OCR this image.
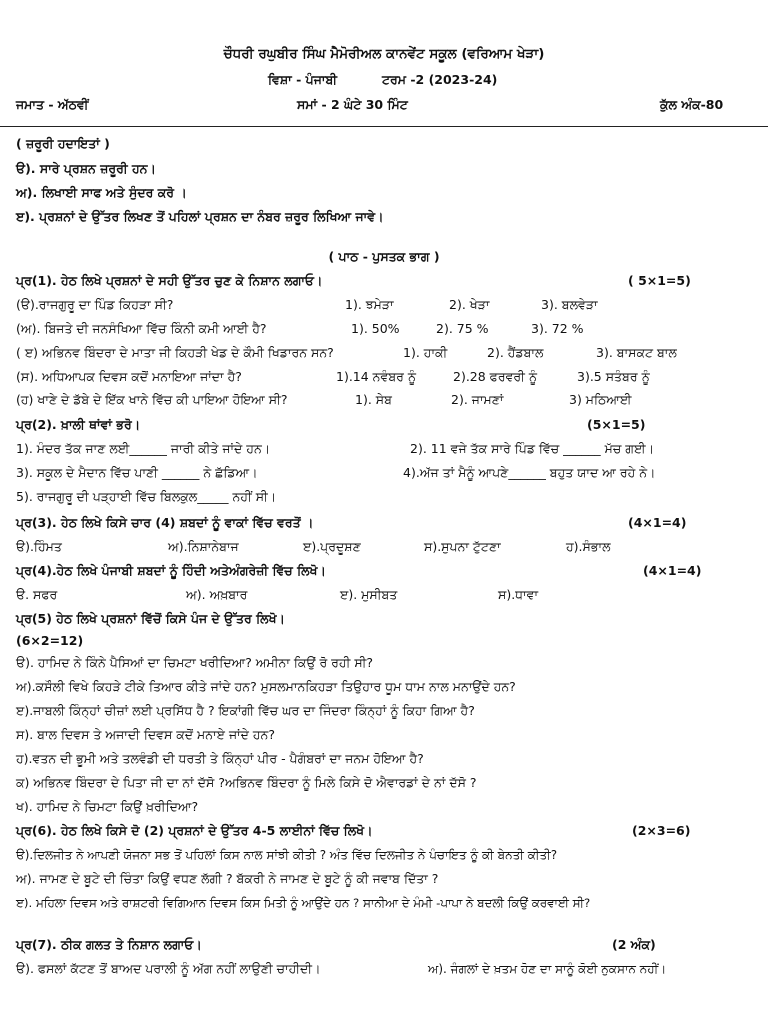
ਚੌਧਰੀ ਰਘੁਬੀਰ ਸਿੰਘ ਮੈਮੋਰੀਅਲ ਕਾਨਵੇਂਟ ਸਕੂਲ (ਵਰਿਆਮ ਖੇੜਾ)
ਵਿਸ਼ਾ - ਪੰਜਾਬੀ	ਟਰਮ -2 (2023-24)
ਜਮਾਤ - ਅੱਠਵੀਂ	ਸਮਾਂ - 2 ਘੰਟੇ 30 ਮਿੰਟ	ਕੁੱਲ ਅੰਕ-80
( ਜ਼ਰੂਰੀ ਹਦਾਇਤਾਂ )
ੳ). ਸਾਰੇ ਪ੍ਰਸ਼ਨ ਜ਼ਰੂਰੀ ਹਨ।
ਅ). ਲਿਖਾਈ ਸਾਫ ਅਤੇ ਸੁੰਦਰ ਕਰੋ ।
ੲ). ਪ੍ਰਸ਼ਨਾਂ ਦੇ ਉੱਤਰ ਲਿਖਣ ਤੋਂ ਪਹਿਲਾਂ ਪ੍ਰਸ਼ਨ ਦਾ ਨੰਬਰ ਜ਼ਰੂਰ ਲਿਖਿਆ ਜਾਵੇ।
( ਪਾਠ - ਪੁਸਤਕ ਭਾਗ )
ਪ੍ਰ(1). ਹੇਠ ਲਿਖੇ ਪ੍ਰਸ਼ਨਾਂ ਦੇ ਸਹੀ ਉੱਤਰ ਚੁਣ ਕੇ ਨਿਸ਼ਾਨ ਲਗਾਓ।	( 5×1=5)
(ੳ).ਰਾਜਗੁਰੂ ਦਾ ਪਿੰਡ ਕਿਹੜਾ ਸੀ?	1). ਝਮੇੜਾ	2). ਖੇੜਾ	3). ਬਲਵੇੜਾ
(ਅ). ਬਿਜਤੇ ਦੀ ਜਨਸੰਖਿਆ ਵਿੱਚ ਕਿੰਨੀ ਕਮੀ ਆਈ ਹੈ?	1). 50%	2). 75 %	3). 72 %
( ੲ) ਅਭਿਨਵ ਬਿੰਦਰਾ ਦੇ ਮਾਤਾ ਜੀ ਕਿਹੜੀ ਖੇਡ ਦੇ ਕੌਮੀ ਖਿਡਾਰਨ ਸਨ?	1). ਹਾਕੀ	2). ਹੈਂਡਬਾਲ	3). ਬਾਸਕਟ ਬਾਲ
(ਸ). ਅਧਿਆਪਕ ਦਿਵਸ ਕਦੋਂ ਮਨਾਇਆ ਜਾਂਦਾ ਹੈ?	1).14 ਨਵੰਬਰ ਨੂੰ	2).28 ਫਰਵਰੀ ਨੂੰ	3).5 ਸਤੰਬਰ ਨੂੰ
(ਹ) ਖਾਣੇ ਦੇ ਡੱਬੇ ਦੇ ਇੱਕ ਖਾਨੇ ਵਿੱਚ ਕੀ ਪਾਇਆ ਹੋਇਆ ਸੀ?	1). ਸੇਬ	2). ਜਾਮਣਾਂ	3) ਮਠਿਆਈ
ਪ੍ਰ(2). ਖ਼ਾਲੀ ਥਾਂਵਾਂ ਭਰੋ।	(5×1=5)
1). ਮੰਦਰ ਤੱਕ ਜਾਣ ਲਈ______ ਜਾਰੀ ਕੀਤੇ ਜਾਂਦੇ ਹਨ।	2). 11 ਵਜੇ ਤੱਕ ਸਾਰੇ ਪਿੰਡ ਵਿੱਚ ______ ਮੱਚ ਗਈ।
3). ਸਕੂਲ ਦੇ ਮੈਦਾਨ ਵਿੱਚ ਪਾਣੀ ______ ਨੇ ਛੱਡਿਆ।	4).ਅੱਜ ਤਾਂ ਮੈਨੂੰ ਆਪਣੇ______ ਬਹੁਤ ਯਾਦ ਆ ਰਹੇ ਨੇ।
5). ਰਾਜਗੁਰੂ ਦੀ ਪੜ੍ਹਾਈ ਵਿੱਚ ਬਿਲਕੁਲ_____ ਨਹੀਂ ਸੀ।
ਪ੍ਰ(3). ਹੇਠ ਲਿਖੇ ਕਿਸੇ ਚਾਰ (4) ਸ਼ਬਦਾਂ ਨੂੰ ਵਾਕਾਂ ਵਿੱਚ ਵਰਤੋਂ ।	(4×1=4)
ੳ).ਹਿੰਮਤ	ਅ).ਨਿਸ਼ਾਨੇਬਾਜ	ੲ).ਪ੍ਰਦੂਸ਼ਣ	ਸ).ਸੁਪਨਾ ਟੁੱਟਣਾ	ਹ).ਸੰਭਾਲ
ਪ੍ਰ(4).ਹੇਠ ਲਿਖੇ ਪੰਜਾਬੀ ਸ਼ਬਦਾਂ ਨੂੰ ਹਿੰਦੀ ਅਤੇਅੰਗਰੇਜ਼ੀ ਵਿੱਚ ਲਿਖੋ।	(4×1=4)
ੳ. ਸਫਰ	ਅ). ਅਖ਼ਬਾਰ	ੲ). ਮੁਸੀਬਤ	ਸ).ਧਾਵਾ
ਪ੍ਰ(5) ਹੇਠ ਲਿਖੇ ਪ੍ਰਸ਼ਨਾਂ ਵਿੱਚੋਂ ਕਿਸੇ ਪੰਜ ਦੇ ਉੱਤਰ ਲਿਖੋ।
(6×2=12)
ੳ). ਹਾਮਿਦ ਨੇ ਕਿੰਨੇ ਪੈਸਿਆਂ ਦਾ ਚਿਮਟਾ ਖਰੀਦਿਆ? ਅਮੀਨਾ ਕਿਉਂ ਰੋ ਰਹੀ ਸੀ?
ਅ).ਕਸੌਲੀ ਵਿਖੇ ਕਿਹੜੇ ਟੀਕੇ ਤਿਆਰ ਕੀਤੇ ਜਾਂਦੇ ਹਨ? ਮੁਸਲਮਾਨਕਿਹੜਾ ਤਿਉਹਾਰ ਧੂਮ ਧਾਮ ਨਾਲ ਮਨਾਉਂਦੇ ਹਨ?
ੲ).ਜਾਬਲੀ ਕਿੰਨ੍ਹਾਂ ਚੀਜ਼ਾਂ ਲਈ ਪ੍ਰਸਿੱਧ ਹੈ ? ਇਕਾਂਗੀ ਵਿੱਚ ਘਰ ਦਾ ਜਿੰਦਰਾ ਕਿੰਨ੍ਹਾਂ ਨੂੰ ਕਿਹਾ ਗਿਆ ਹੈ?
ਸ). ਬਾਲ ਦਿਵਸ ਤੇ ਅਜਾਦੀ ਦਿਵਸ ਕਦੋਂ ਮਨਾਏ ਜਾਂਦੇ ਹਨ?
ਹ).ਵਤਨ ਦੀ ਭੂਮੀ ਅਤੇ ਤਲਵੰਡੀ ਦੀ ਧਰਤੀ ਤੇ ਕਿੰਨ੍ਹਾਂ ਪੀਰ - ਪੈਗੰਬਰਾਂ ਦਾ ਜਨਮ ਹੋਇਆ ਹੈ?
ਕ) ਅਭਿਨਵ ਬਿੰਦਰਾ ਦੇ ਪਿਤਾ ਜੀ ਦਾ ਨਾਂ ਦੱਸੋ ?ਅਭਿਨਵ ਬਿੰਦਰਾ ਨੂੰ ਮਿਲੇ ਕਿਸੇ ਦੋ ਐਵਾਰਡਾਂ ਦੇ ਨਾਂ ਦੱਸੋ ?
ਖ). ਹਾਮਿਦ ਨੇ ਚਿਮਟਾ ਕਿਉਂ ਖ਼ਰੀਦਿਆ?
ਪ੍ਰ(6). ਹੇਠ ਲਿਖੇ ਕਿਸੇ ਦੋ (2) ਪ੍ਰਸ਼ਨਾਂ ਦੇ ਉੱਤਰ 4-5 ਲਾਈਨਾਂ ਵਿੱਚ ਲਿਖੋ।	(2×3=6)
ੳ).ਦਿਲਜੀਤ ਨੇ ਆਪਣੀ ਯੋਜਨਾ ਸਭ ਤੋਂ ਪਹਿਲਾਂ ਕਿਸ ਨਾਲ ਸਾਂਝੀ ਕੀਤੀ ? ਅੰਤ ਵਿੱਚ ਦਿਲਜੀਤ ਨੇ ਪੰਚਾਇਤ ਨੂੰ ਕੀ ਬੇਨਤੀ ਕੀਤੀ?
ਅ). ਜਾਮਣ ਦੇ ਬੂਟੇ ਦੀ ਚਿੰਤਾ ਕਿਉਂ ਵਧਣ ਲੱਗੀ ? ਬੱਕਰੀ ਨੇ ਜਾਮਣ ਦੇ ਬੂਟੇ ਨੂੰ ਕੀ ਜਵਾਬ ਦਿੱਤਾ ?
ੲ). ਮਹਿਲਾ ਦਿਵਸ ਅਤੇ ਰਾਸ਼ਟਰੀ ਵਿਗਿਆਨ ਦਿਵਸ ਕਿਸ ਮਿਤੀ ਨੂੰ ਆਉਂਦੇ ਹਨ ? ਸਾਨੀਆ ਦੇ ਮੰਮੀ -ਪਾਪਾ ਨੇ ਬਦਲੀ ਕਿਉਂ ਕਰਵਾਈ ਸੀ?
ਪ੍ਰ(7). ਠੀਕ ਗਲਤ ਤੇ ਨਿਸ਼ਾਨ ਲਗਾਓ।	(2 ਅੰਕ)
ੳ). ਫਸਲਾਂ ਕੱਟਣ ਤੋਂ ਬਾਅਦ ਪਰਾਲੀ ਨੂੰ ਅੱਗ ਨਹੀਂ ਲਾਉਣੀ ਚਾਹੀਦੀ।	ਅ). ਜੰਗਲਾਂ ਦੇ ਖ਼ਤਮ ਹੋਣ ਦਾ ਸਾਨੂੰ ਕੋਈ ਨੁਕਸਾਨ ਨਹੀਂ।
